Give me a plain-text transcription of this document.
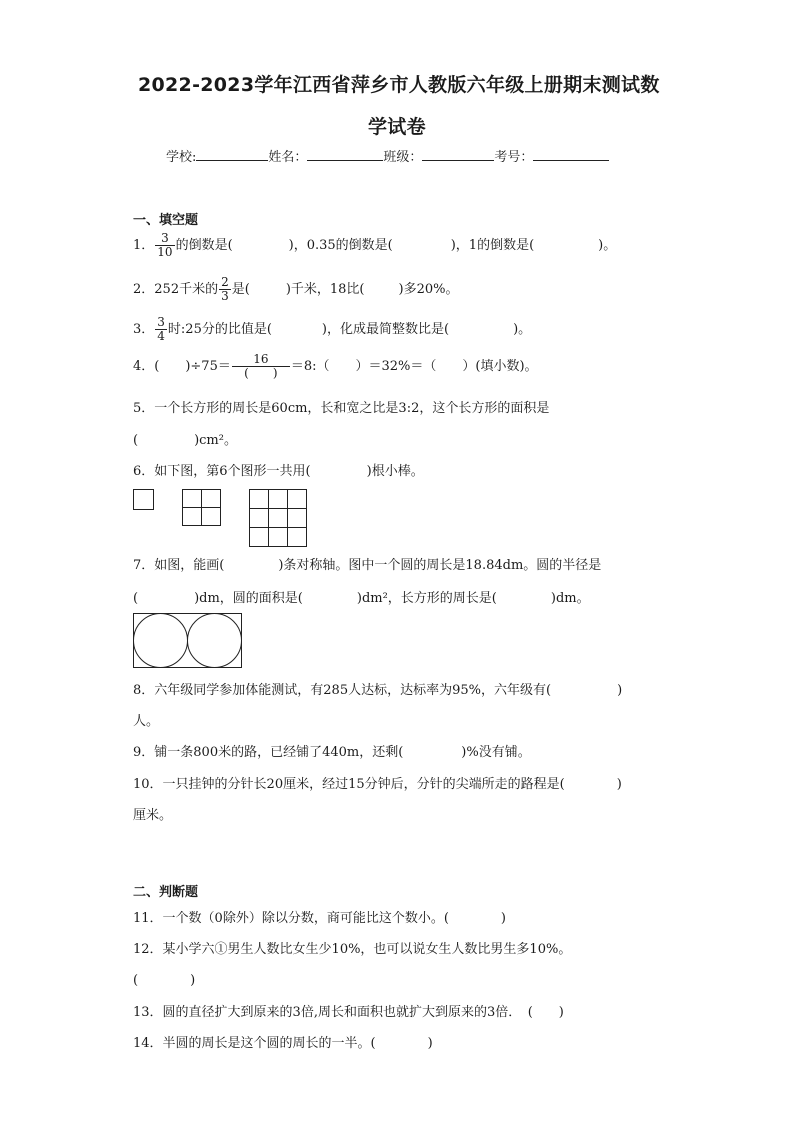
2022-2023学年江西省萍乡市人教版六年级上册期末测试数
学试卷
学校:	姓名：	班级：	考号：
一、填空题
1． $\frac{3}{10}$ 的倒数是(	)，0.35的倒数是(	)，1的倒数是(	)。
2．252千米的 $\frac{2}{3}$ 是(	)千米，18比(	)多20%。
3． $\frac{3}{4}$ 时:25分的比值是(	)，化成最简整数比是(	)。
4．(　　)$\div 75= \frac{16}{( )}$ ＝8:（　　）＝32%＝（　　）(填小数)。
5．一个长方形的周长是60cm，长和宽之比是3:2，这个长方形的面积是
(	)cm²。
6．如下图，第6个图形一共用(	)根小棒。
7．如图，能画(	)条对称轴。图中一个圆的周长是18.84dm。圆的半径是
(	)dm，圆的面积是(	)dm²，长方形的周长是(	)dm。
8．六年级同学参加体能测试，有285人达标，达标率为95%，六年级有(	)
人。
9．铺一条800米的路，已经铺了440m，还剩(	)%没有铺。
10．一只挂钟的分针长20厘米，经过15分钟后，分针的尖端所走的路程是(	)
厘米。
二、判断题
11．一个数（0除外）除以分数，商可能比这个数小。(　　　　)
12．某小学六①男生人数比女生少10%，也可以说女生人数比男生多10%。
(　　　　)
13．圆的直径扩大到原来的3倍,周长和面积也就扩大到原来的3倍．　(　　)
14．半圆的周长是这个圆的周长的一半。(　　　　)
